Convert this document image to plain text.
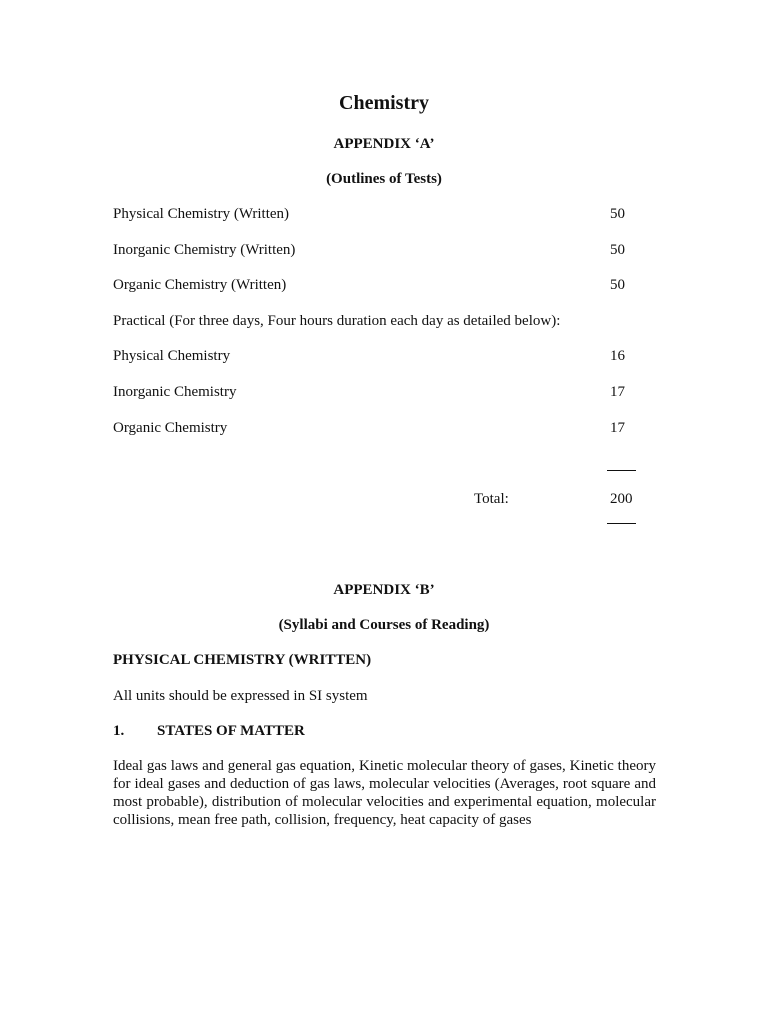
Chemistry
APPENDIX ‘A’
(Outlines of Tests)
Physical Chemistry (Written)	50
Inorganic Chemistry (Written)	50
Organic Chemistry (Written)	50
Practical (For three days, Four hours duration each day as detailed below):
Physical Chemistry	16
Inorganic Chemistry	17
Organic Chemistry	17
Total:	200
APPENDIX ‘B’
(Syllabi and Courses of Reading)
PHYSICAL CHEMISTRY (WRITTEN)
All units should be expressed in SI system
1. STATES OF MATTER
Ideal gas laws and general gas equation, Kinetic molecular theory of gases, Kinetic theory for ideal gases and deduction of gas laws, molecular velocities (Averages, root square and most probable), distribution of molecular velocities and experimental equation, molecular collisions, mean free path, collision, frequency, heat capacity of gases
